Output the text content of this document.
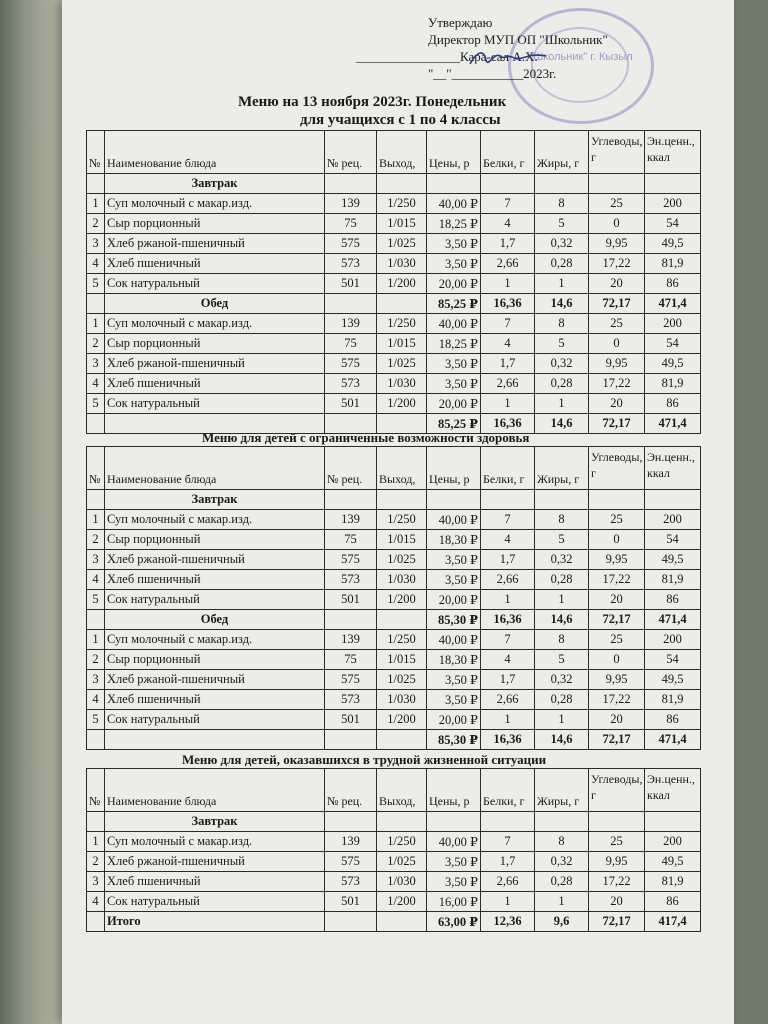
"Школьник" г. Кызыл
Утверждаю
Директор МУП ОП "Школьник"
________________Кара-сал А.Х.
"__"___________2023г.
Меню на 13 ноября 2023г. Понедельник
для учащихся с 1 по 4 классы
№	Наименование блюда	№ рец.	Выход,	Цены, р	Белки, г	Жиры, г	Углеводы, г	Эн.ценн., ккал
	Завтрак							
1	Суп молочный с макар.изд.	139	1/250	40,00 ₽	7	8	25	200
2	Сыр порционный	75	1/015	18,25 ₽	4	5	0	54
3	Хлеб ржаной-пшеничный	575	1/025	3,50 ₽	1,7	0,32	9,95	49,5
4	Хлеб пшеничный	573	1/030	3,50 ₽	2,66	0,28	17,22	81,9
5	Сок натуральный	501	1/200	20,00 ₽	1	1	20	86
	Обед			85,25 ₽	16,36	14,6	72,17	471,4
1	Суп молочный с макар.изд.	139	1/250	40,00 ₽	7	8	25	200
2	Сыр порционный	75	1/015	18,25 ₽	4	5	0	54
3	Хлеб ржаной-пшеничный	575	1/025	3,50 ₽	1,7	0,32	9,95	49,5
4	Хлеб пшеничный	573	1/030	3,50 ₽	2,66	0,28	17,22	81,9
5	Сок натуральный	501	1/200	20,00 ₽	1	1	20	86
				85,25 ₽	16,36	14,6	72,17	471,4
Меню для детей с ограниченные возможности здоровья
№	Наименование блюда	№ рец.	Выход,	Цены, р	Белки, г	Жиры, г	Углеводы, г	Эн.ценн., ккал
	Завтрак							
1	Суп молочный с макар.изд.	139	1/250	40,00 ₽	7	8	25	200
2	Сыр порционный	75	1/015	18,30 ₽	4	5	0	54
3	Хлеб ржаной-пшеничный	575	1/025	3,50 ₽	1,7	0,32	9,95	49,5
4	Хлеб пшеничный	573	1/030	3,50 ₽	2,66	0,28	17,22	81,9
5	Сок натуральный	501	1/200	20,00 ₽	1	1	20	86
	Обед			85,30 ₽	16,36	14,6	72,17	471,4
1	Суп молочный с макар.изд.	139	1/250	40,00 ₽	7	8	25	200
2	Сыр порционный	75	1/015	18,30 ₽	4	5	0	54
3	Хлеб ржаной-пшеничный	575	1/025	3,50 ₽	1,7	0,32	9,95	49,5
4	Хлеб пшеничный	573	1/030	3,50 ₽	2,66	0,28	17,22	81,9
5	Сок натуральный	501	1/200	20,00 ₽	1	1	20	86
				85,30 ₽	16,36	14,6	72,17	471,4
Меню для детей, оказавшихся в трудной жизненной ситуации
№	Наименование блюда	№ рец.	Выход,	Цены, р	Белки, г	Жиры, г	Углеводы, г	Эн.ценн., ккал
	Завтрак							
1	Суп молочный с макар.изд.	139	1/250	40,00 ₽	7	8	25	200
2	Хлеб ржаной-пшеничный	575	1/025	3,50 ₽	1,7	0,32	9,95	49,5
3	Хлеб пшеничный	573	1/030	3,50 ₽	2,66	0,28	17,22	81,9
4	Сок натуральный	501	1/200	16,00 ₽	1	1	20	86
	Итого			63,00 ₽	12,36	9,6	72,17	417,4
